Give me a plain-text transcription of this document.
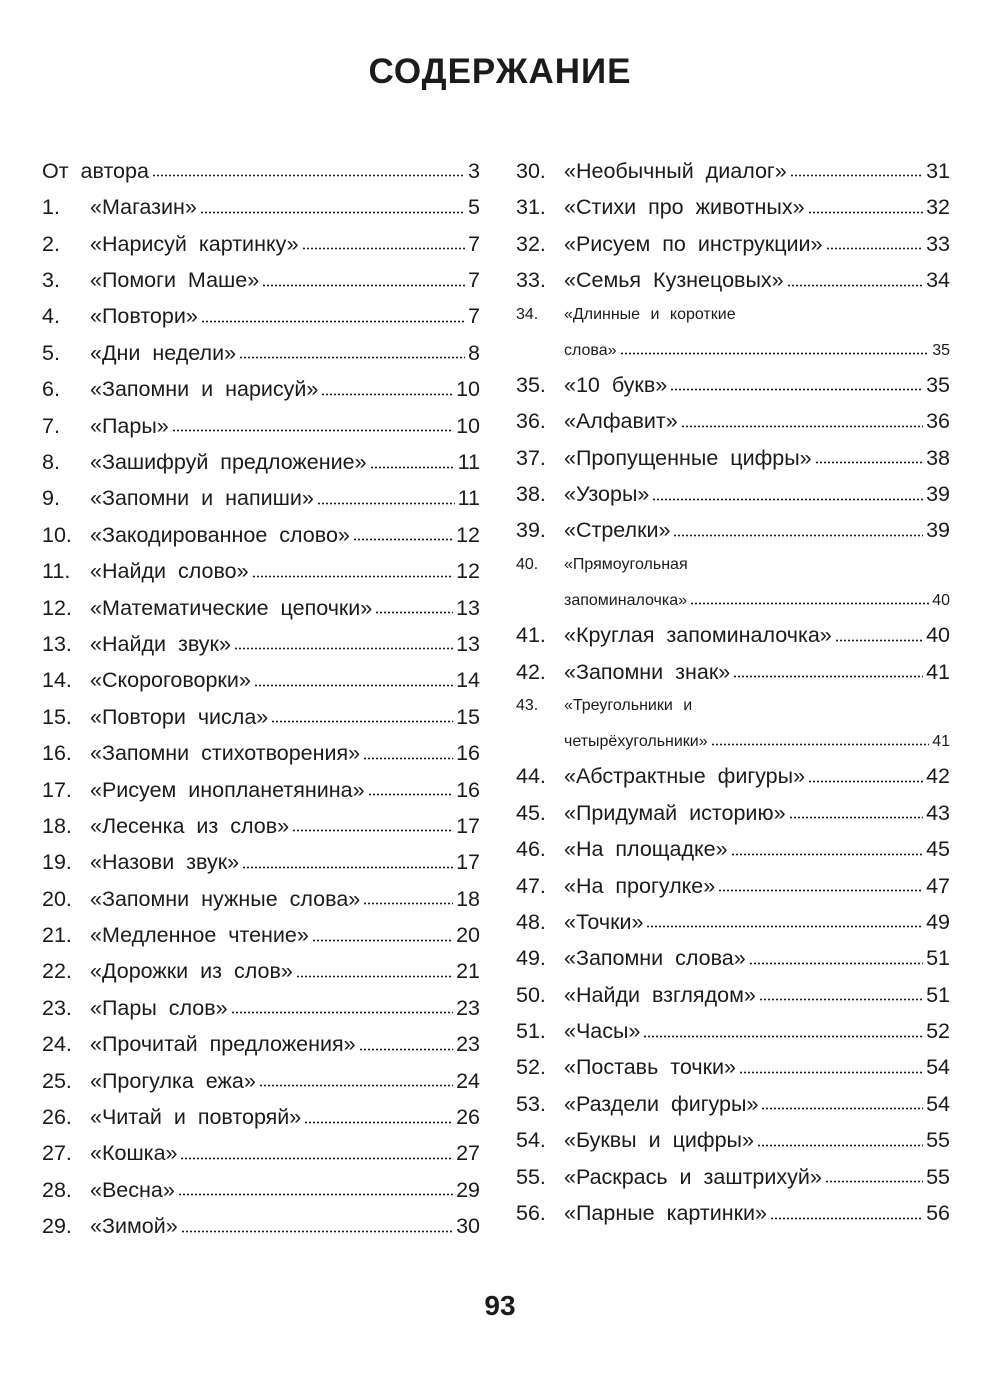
СОДЕРЖАНИЕ
От автора	3
1.	«Магазин»	5
2.	«Нарисуй картинку»	7
3.	«Помоги Маше»	7
4.	«Повтори»	7
5.	«Дни недели»	8
6.	«Запомни и нарисуй»	10
7.	«Пары»	10
8.	«Зашифруй предложение»	11
9.	«Запомни и напиши»	11
10. «Закодированное слово»	12
11. «Найди слово»	12
12. «Математические цепочки»	13
13. «Найди звук»	13
14. «Скороговорки»	14
15. «Повтори числа»	15
16. «Запомни стихотворения»	16
17. «Рисуем инопланетянина»	16
18. «Лесенка из слов»	17
19. «Назови звук»	17
20. «Запомни нужные слова»	18
21. «Медленное чтение»	20
22. «Дорожки из слов»	21
23. «Пары слов»	23
24. «Прочитай предложения»	23
25. «Прогулка ежа»	24
26. «Читай и повторяй»	26
27. «Кошка»	27
28. «Весна»	29
29. «Зимой»	30
30. «Необычный диалог»	31
31. «Стихи про животных»	32
32. «Рисуем по инструкции»	33
33. «Семья Кузнецовых»	34
34.	«Длинные и короткие
слова»	35
35. «10 букв»	35
36. «Алфавит»	36
37. «Пропущенные цифры»	38
38. «Узоры»	39
39. «Стрелки»	39
40.	«Прямоугольная
запоминалочка»	40
41. «Круглая запоминалочка»	40
42. «Запомни знак»	41
43.	«Треугольники и
четырёхугольники»	41
44. «Абстрактные фигуры»	42
45. «Придумай историю»	43
46. «На площадке»	45
47. «На прогулке»	47
48. «Точки»	49
49. «Запомни слова»	51
50. «Найди взглядом»	51
51. «Часы»	52
52. «Поставь точки»	54
53. «Раздели фигуры»	54
54. «Буквы и цифры»	55
55. «Раскрась и заштрихуй»	55
56. «Парные картинки»	56
93
